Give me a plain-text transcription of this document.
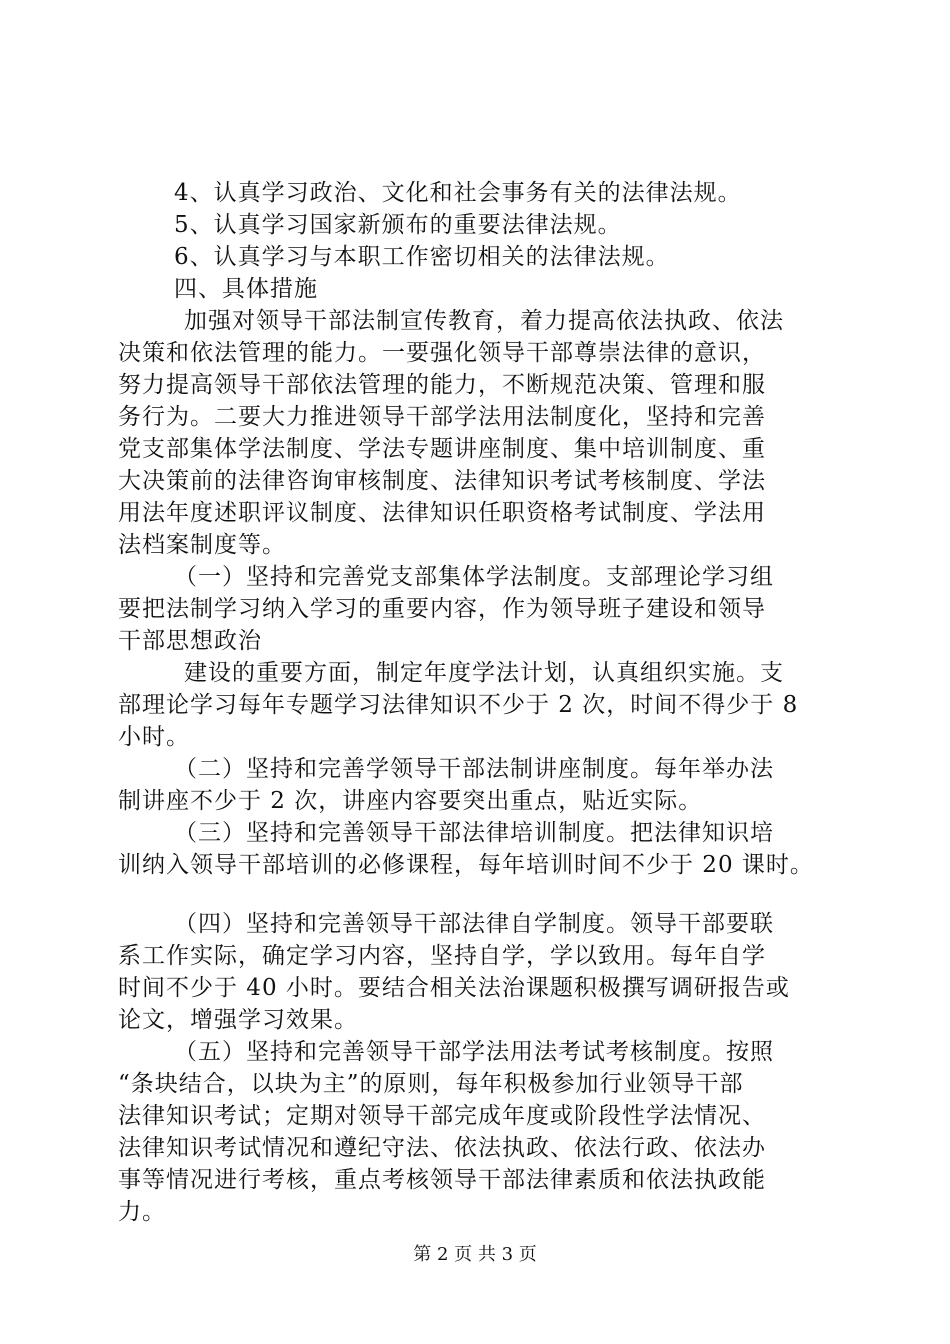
4、认真学习政治、文化和社会事务有关的法律法规。
5、认真学习国家新颁布的重要法律法规。
6、认真学习与本职工作密切相关的法律法规。
四、具体措施
加强对领导干部法制宣传教育，着力提高依法执政、依法
决策和依法管理的能力。一要强化领导干部尊崇法律的意识，
努力提高领导干部依法管理的能力，不断规范决策、管理和服
务行为。二要大力推进领导干部学法用法制度化，坚持和完善
党支部集体学法制度、学法专题讲座制度、集中培训制度、重
大决策前的法律咨询审核制度、法律知识考试考核制度、学法
用法年度述职评议制度、法律知识任职资格考试制度、学法用
法档案制度等。
（一）坚持和完善党支部集体学法制度。支部理论学习组
要把法制学习纳入学习的重要内容，作为领导班子建设和领导
干部思想政治
建设的重要方面，制定年度学法计划，认真组织实施。支
部理论学习每年专题学习法律知识不少于 2 次，时间不得少于 8
小时。
（二）坚持和完善学领导干部法制讲座制度。每年举办法
制讲座不少于 2 次，讲座内容要突出重点，贴近实际。
（三）坚持和完善领导干部法律培训制度。把法律知识培
训纳入领导干部培训的必修课程，每年培训时间不少于 20 课时。
（四）坚持和完善领导干部法律自学制度。领导干部要联
系工作实际，确定学习内容，坚持自学，学以致用。每年自学
时间不少于 40 小时。要结合相关法治课题积极撰写调研报告或
论文，增强学习效果。
（五）坚持和完善领导干部学法用法考试考核制度。按照
“条块结合，以块为主”的原则，每年积极参加行业领导干部
法律知识考试；定期对领导干部完成年度或阶段性学法情况、
法律知识考试情况和遵纪守法、依法执政、依法行政、依法办
事等情况进行考核，重点考核领导干部法律素质和依法执政能
力。
第 2 页 共 3 页
